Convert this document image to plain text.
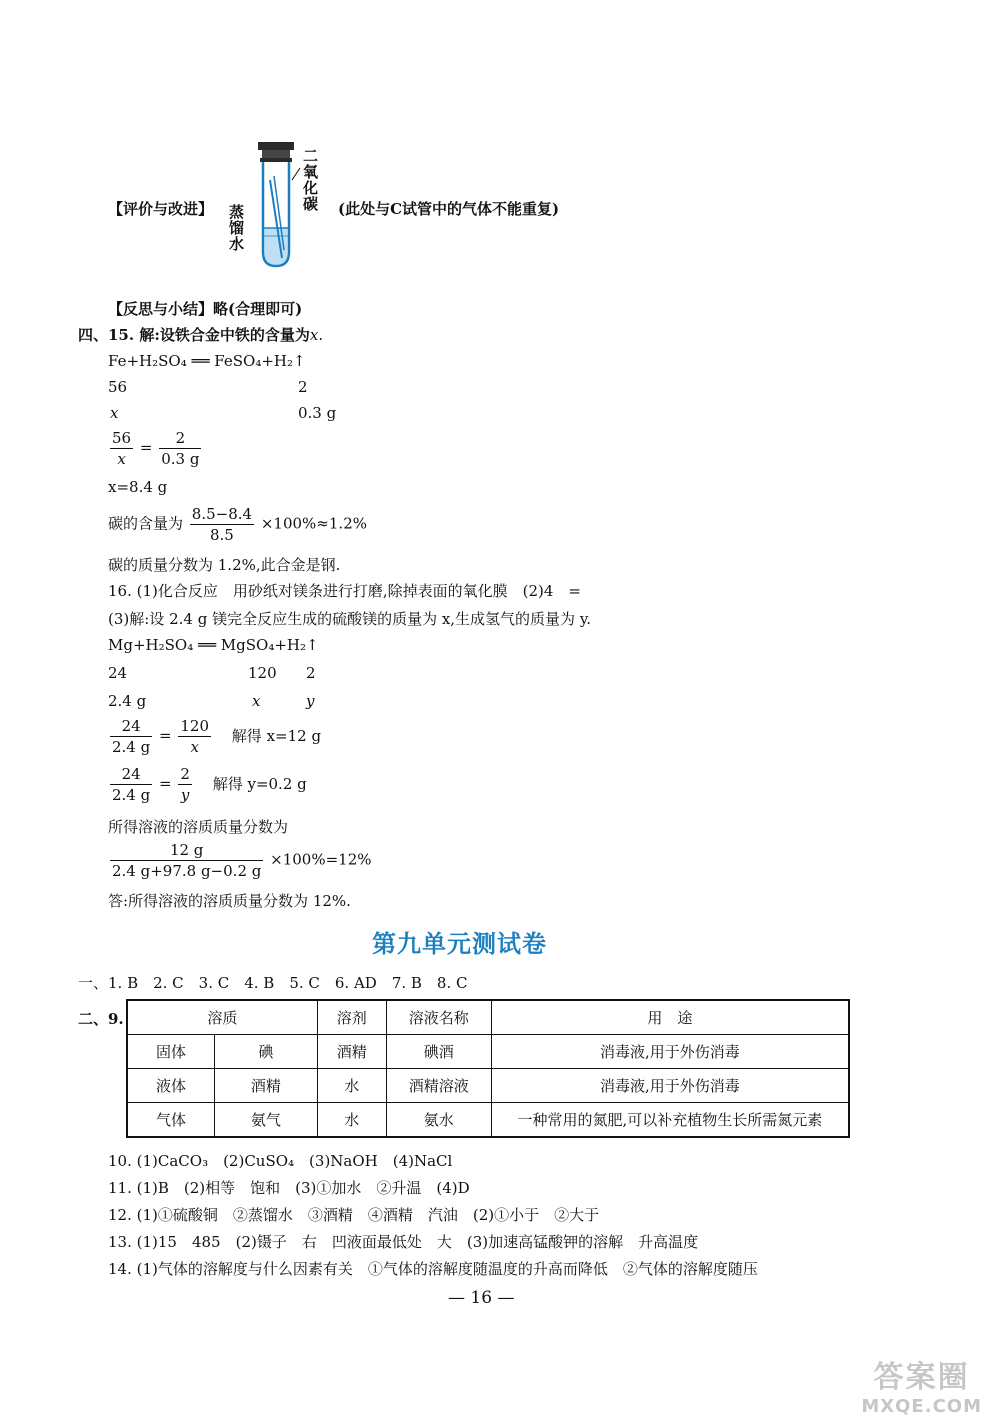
【评价与改进】	二氧化碳
蒸馏水	(此处与C试管中的气体不能重复)
【反思与小结】略(合理即可)
四、15. 解:设铁合金中铁的含量为x.
Fe+H₂SO₄ ══ FeSO₄+H₂↑
56	2
x	0.3 g
$\frac{56}{x} = \frac{2}{0.3 g}$
x=8.4 g
碳的含量为 $\frac{8.5-8.4}{8.5} \times 100\%\approx 1.2\%$
碳的质量分数为 1.2%,此合金是钢.
16. (1)化合反应　用砂纸对镁条进行打磨,除掉表面的氧化膜　(2)4　=
(3)解:设 2.4 g 镁完全反应生成的硫酸镁的质量为 x,生成氢气的质量为 y.
Mg+H₂SO₄ ══ MgSO₄+H₂↑
24	120 2
2.4 g	x	y
$\frac{24}{2.4 g} = \frac{120}{x}$ 解得 x=12 g
$\frac{24}{2.4 g} = \frac{2}{y}$ 解得 y=0.2 g
所得溶液的溶质质量分数为
$\frac{12 g}{2.4 g+97.8 g-0.2 g} \times 100\%=12\%$
答:所得溶液的溶质质量分数为 12%.
第九单元测试卷
一、1. B　2. C　3. C　4. B　5. C　6. AD　7. B　8. C
二、9.	溶质		溶剂	溶液名称	用　途
固体	碘	酒精	碘酒	消毒液,用于外伤消毒
液体	酒精	水	酒精溶液	消毒液,用于外伤消毒
气体	氨气	水	氨水	一种常用的氮肥,可以补充植物生长所需氮元素
10. (1)CaCO₃　(2)CuSO₄　(3)NaOH　(4)NaCl
11. (1)B　(2)相等　饱和　(3)①加水　②升温　(4)D
12. (1)①硫酸铜　②蒸馏水　③酒精　④酒精　汽油　(2)①小于　②大于
13. (1)15　485　(2)镊子　右　凹液面最低处　大　(3)加速高锰酸钾的溶解　升高温度
14. (1)气体的溶解度与什么因素有关　①气体的溶解度随温度的升高而降低　②气体的溶解度随压
— 16 —
答案圈
MXQE.COM
